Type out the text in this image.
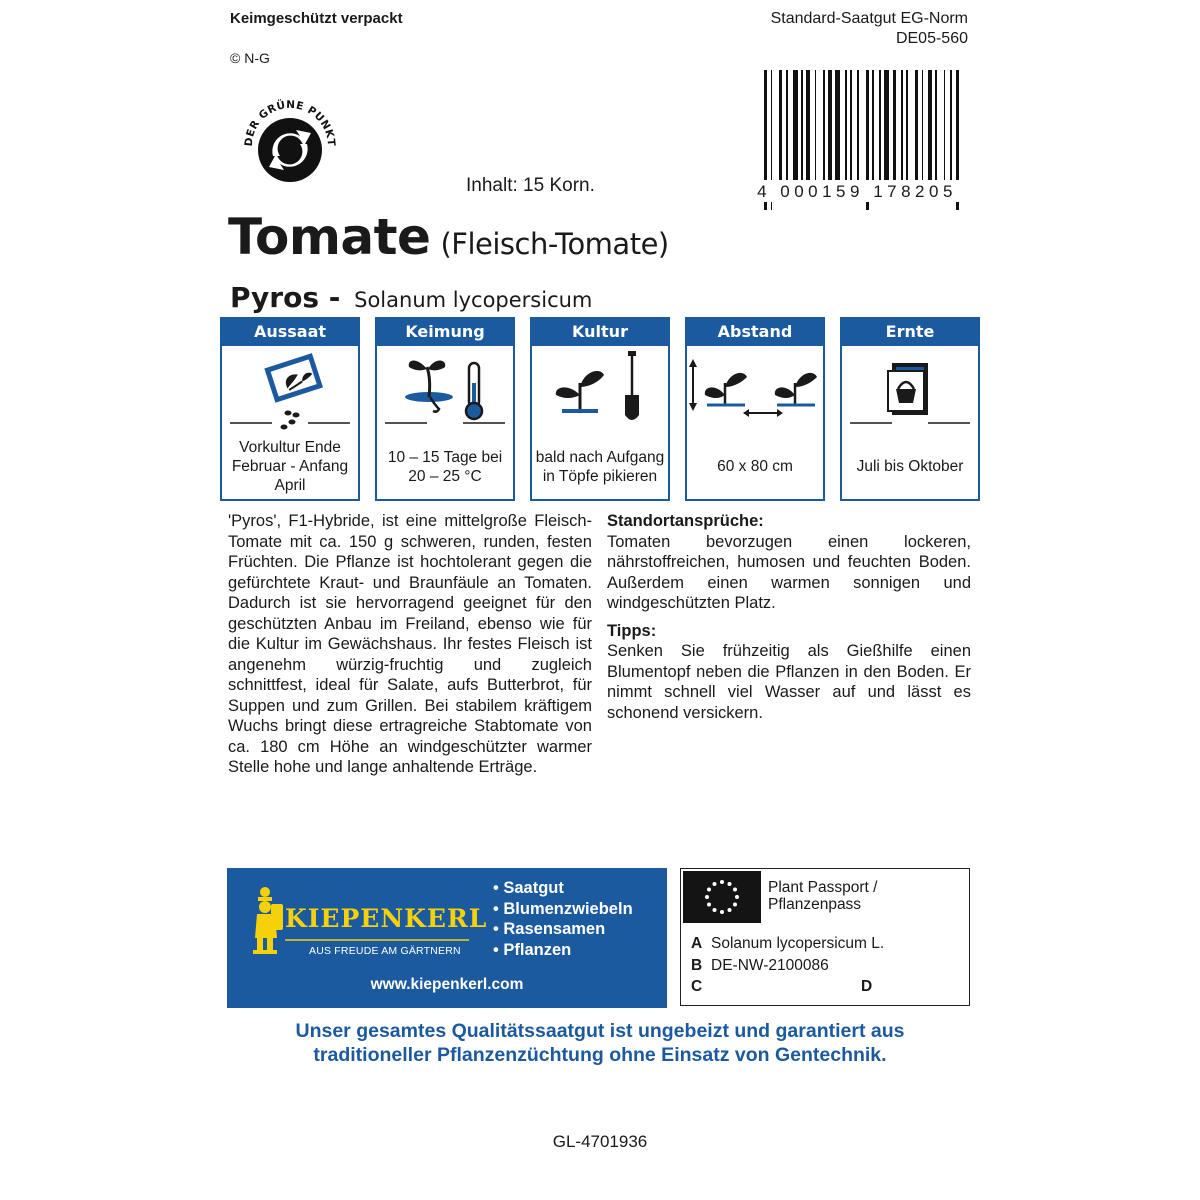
Keimgeschützt verpackt
© N-G
Standard-Saatgut EG-Norm
DE05-560
DER GRÜNE PUNKT
Inhalt: 15 Korn.	4 000159 178205
Tomate (Fleisch-Tomate)
Pyros - Solanum lycopersicum
Aussaat
Vorkultur Ende Februar - Anfang April
Keimung
10 – 15 Tage bei 20 – 25 °C
Kultur
bald nach Aufgang in Töpfe pikieren
Abstand
60 x 80 cm
Ernte
Juli bis Oktober
'Pyros', F1-Hybride, ist eine mittelgroße Fleisch-Tomate mit ca. 150 g schweren, runden, festen Früchten. Die Pflanze ist hochtolerant gegen die gefürchtete Kraut- und Braunfäule an Tomaten. Dadurch ist sie hervorragend geeignet für den geschützten Anbau im Freiland, ebenso wie für die Kultur im Gewächshaus. Ihr festes Fleisch ist angenehm würzig-fruchtig und zugleich schnittfest, ideal für Salate, aufs Butterbrot, für Suppen und zum Grillen. Bei stabilem kräftigem Wuchs bringt diese ertragreiche Stabtomate von ca. 180 cm Höhe an windgeschützter warmer Stelle hohe und lange anhaltende Erträge.
Standortansprüche:
Tomaten bevorzugen einen lockeren, nährstoffreichen, humosen und feuchten Boden. Außerdem einen warmen sonnigen und windgeschützten Platz.
Tipps:
Senken Sie frühzeitig als Gießhilfe einen Blumentopf neben die Pflanzen in den Boden. Er nimmt schnell viel Wasser auf und lässt es schonend versickern.
KIEPENKERL
AUS FREUDE AM GÄRTNERN
• Saatgut
• Blumenzwiebeln
• Rasensamen
• Pflanzen
www.kiepenkerl.com
Plant Passport /
Pflanzenpass
A Solanum lycopersicum L.
B DE-NW-2100086
C	D
Unser gesamtes Qualitätssaatgut ist ungebeizt und garantiert aus
traditioneller Pflanzenzüchtung ohne Einsatz von Gentechnik.
GL-4701936
